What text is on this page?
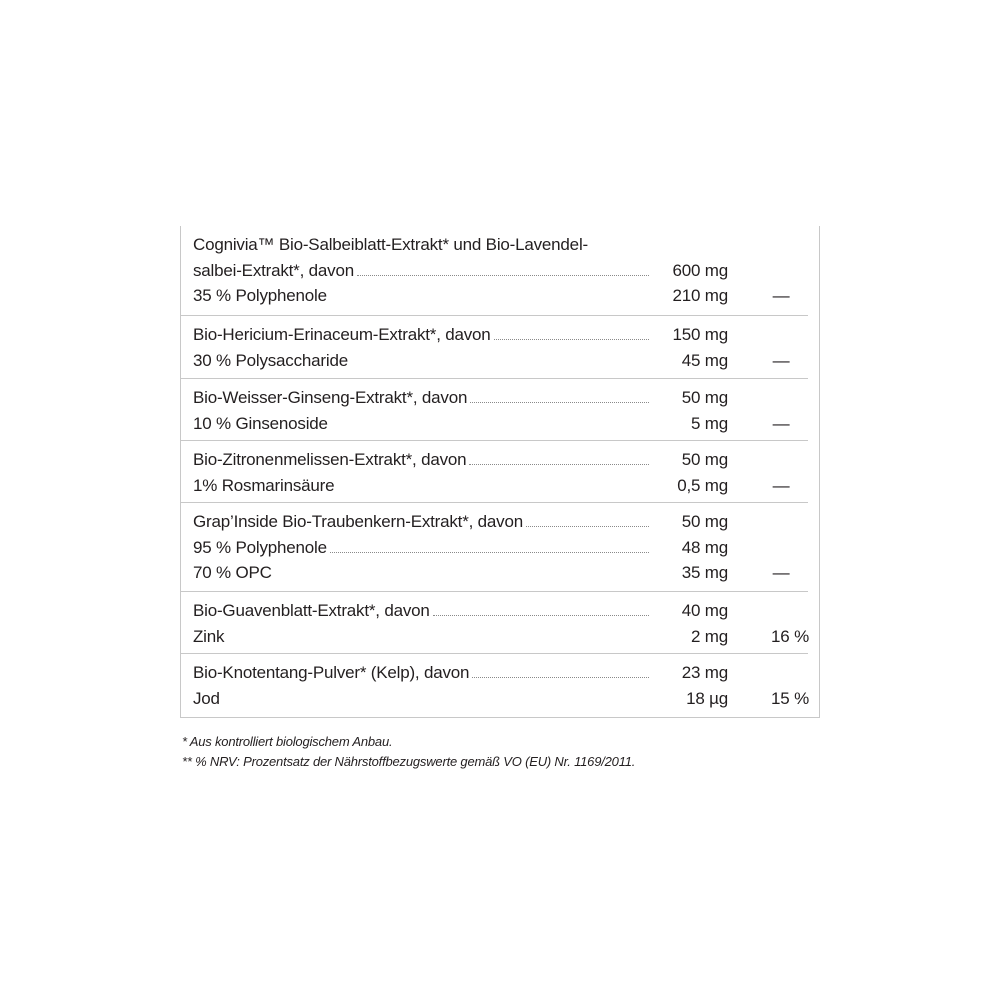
Cognivia™ Bio-Salbeiblatt-Extrakt* und Bio-Lavendel-
salbei-Extrakt*, davon	600 mg
35 % Polyphenole	210 mg	—
Bio-Hericium-Erinaceum-Extrakt*, davon	150 mg
30 % Polysaccharide	45 mg	—
Bio-Weisser-Ginseng-Extrakt*, davon	50 mg
10 % Ginsenoside	5 mg	—
Bio-Zitronenmelissen-Extrakt*, davon	50 mg
1% Rosmarinsäure	0,5 mg	—
Grap’Inside Bio-Traubenkern-Extrakt*, davon	50 mg
95 % Polyphenole	48 mg
70 % OPC	35 mg	—
Bio-Guavenblatt-Extrakt*, davon	40 mg
Zink	2 mg	16 %
Bio-Knotentang-Pulver* (Kelp), davon	23 mg
Jod	18 µg	15 %
* Aus kontrolliert biologischem Anbau.
** % NRV: Prozentsatz der Nährstoffbezugswerte gemäß VO (EU) Nr. 1169/2011.
